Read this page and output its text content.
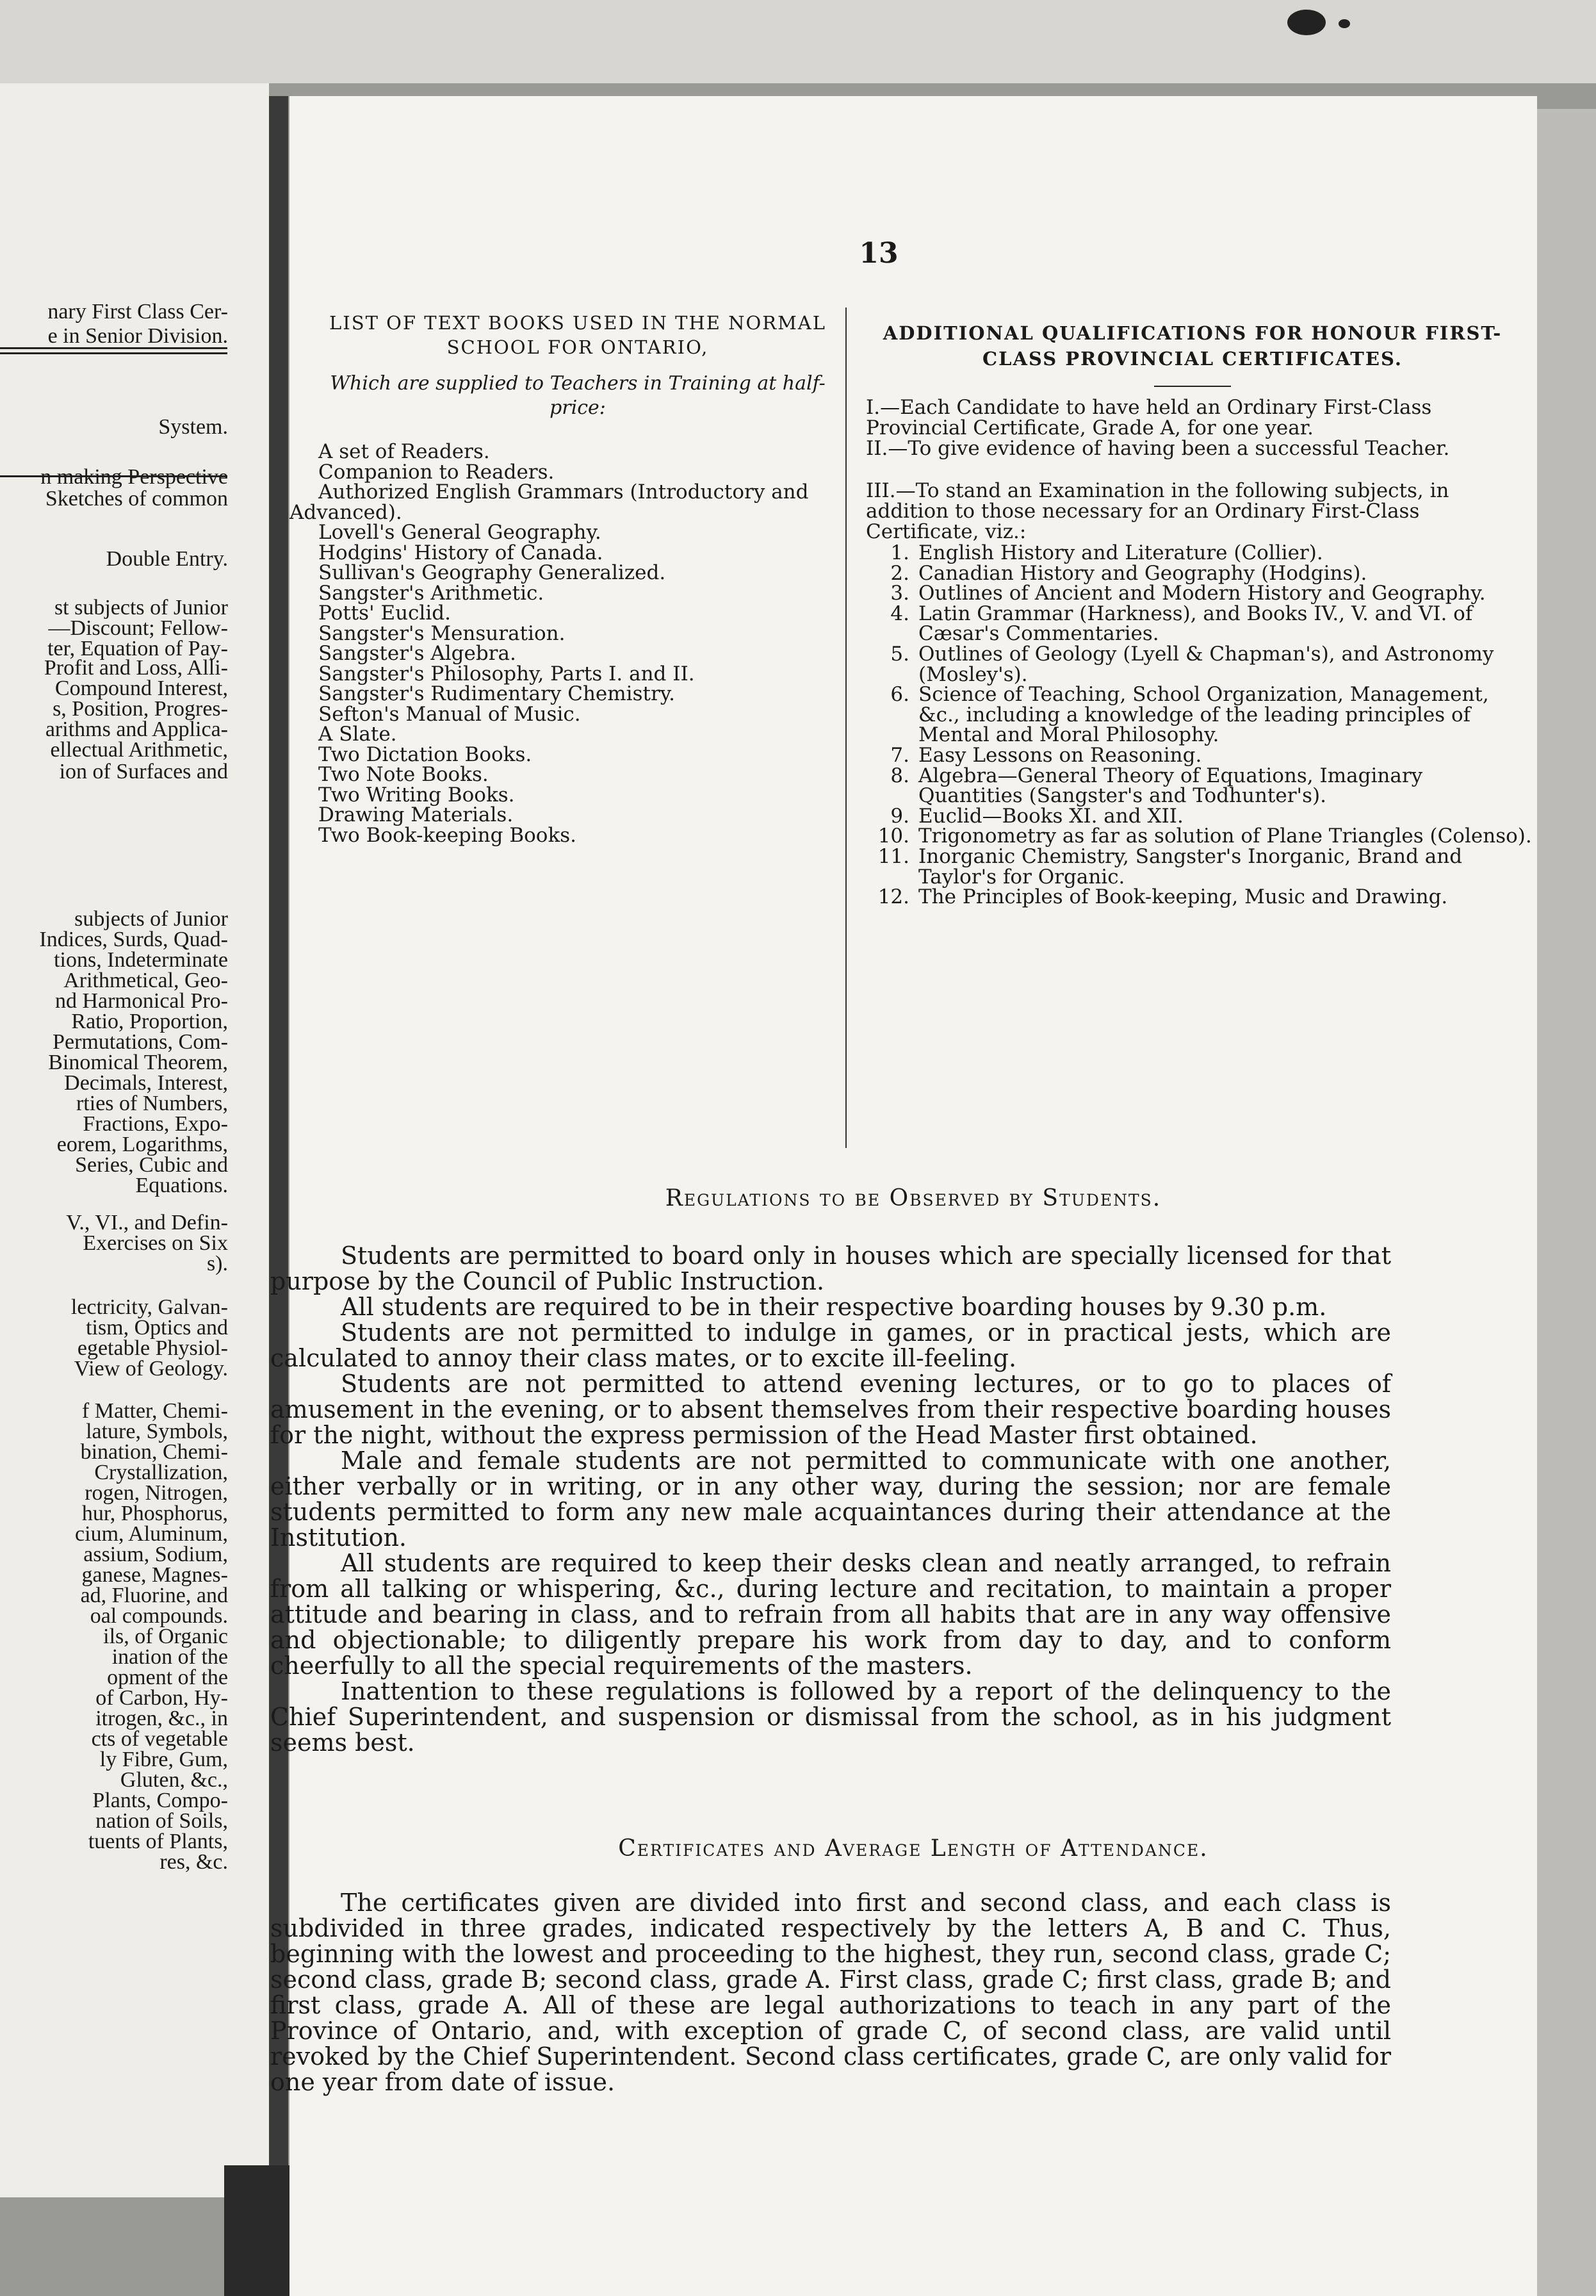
nary First Class Cer-
e in Senior Division.
System.
n making Perspective
Sketches of common
Double Entry.
st subjects of Junior
—Discount; Fellow-
ter, Equation of Pay-
Profit and Loss, Alli-
Compound Interest,
s, Position, Progres-
arithms and Applica-
ellectual Arithmetic,
ion of Surfaces and
subjects of Junior
Indices, Surds, Quad-
tions, Indeterminate
Arithmetical, Geo-
nd Harmonical Pro-
Ratio, Proportion,
Permutations, Com-
Binomical Theorem,
Decimals, Interest,
rties of Numbers,
Fractions, Expo-
eorem, Logarithms,
Series, Cubic and
Equations.
V., VI., and Defin-
Exercises on Six
s).
lectricity, Galvan-
tism, Optics and
egetable Physiol-
View of Geology.
f Matter, Chemi-
lature, Symbols,
bination, Chemi-
Crystallization,
rogen, Nitrogen,
hur, Phosphorus,
cium, Aluminum,
assium, Sodium,
ganese, Magnes-
ad, Fluorine, and
oal compounds.
ils, of Organic
ination of the
opment of the
of Carbon, Hy-
itrogen, &c., in
cts of vegetable
ly Fibre, Gum,
Gluten, &c.,
Plants, Compo-
nation of Soils,
tuents of Plants,
res, &c.
13
LIST OF TEXT BOOKS USED IN THE NORMAL SCHOOL FOR ONTARIO,
Which are supplied to Teachers in Training at half-price:
A set of Readers.
Companion to Readers.
Authorized English Grammars (Introductory and
Advanced).
Lovell's General Geography.
Hodgins' History of Canada.
Sullivan's Geography Generalized.
Sangster's Arithmetic.
Potts' Euclid.
Sangster's Mensuration.
Sangster's Algebra.
Sangster's Philosophy, Parts I. and II.
Sangster's Rudimentary Chemistry.
Sefton's Manual of Music.
A Slate.
Two Dictation Books.
Two Note Books.
Two Writing Books.
Drawing Materials.
Two Book-keeping Books.
ADDITIONAL QUALIFICATIONS FOR HONOUR FIRST-CLASS PROVINCIAL CERTIFICATES.
I.—Each Candidate to have held an Ordinary First-Class Provincial Certificate, Grade A, for one year.
II.—To give evidence of having been a successful Teacher.
III.—To stand an Examination in the following subjects, in addition to those necessary for an Ordinary First-Class Certificate, viz.:
1. English History and Literature (Collier).
2. Canadian History and Geography (Hodgins).
3. Outlines of Ancient and Modern History and Geography.
4. Latin Grammar (Harkness), and Books IV., V. and VI. of Cæsar's Commentaries.
5. Outlines of Geology (Lyell & Chapman's), and Astronomy (Mosley's).
6. Science of Teaching, School Organization, Management, &c., including a knowledge of the leading principles of Mental and Moral Philosophy.
7. Easy Lessons on Reasoning.
8. Algebra—General Theory of Equations, Imaginary Quantities (Sangster's and Todhunter's).
9. Euclid—Books XI. and XII.
10. Trigonometry as far as solution of Plane Triangles (Colenso).
11. Inorganic Chemistry, Sangster's Inorganic, Brand and Taylor's for Organic.
12. The Principles of Book-keeping, Music and Drawing.
Regulations to be Observed by Students.

Students are permitted to board only in houses which are specially licensed for that purpose by the Council of Public Instruction.

All students are required to be in their respective boarding houses by 9.30 p.m.

Students are not permitted to indulge in games, or in practical jests, which are calculated to annoy their class mates, or to excite ill-feeling.

Students are not permitted to attend evening lectures, or to go to places of amusement in the evening, or to absent themselves from their respective boarding houses for the night, without the express permission of the Head Master first obtained.

Male and female students are not permitted to communicate with one another, either verbally or in writing, or in any other way, during the session; nor are female students permitted to form any new male acquaintances during their attendance at the Institution.

All students are required to keep their desks clean and neatly arranged, to refrain from all talking or whispering, &c., during lecture and recitation, to maintain a proper attitude and bearing in class, and to refrain from all habits that are in any way offensive and objectionable; to diligently prepare his work from day to day, and to conform cheerfully to all the special requirements of the masters.

Inattention to these regulations is followed by a report of the delinquency to the Chief Superintendent, and suspension or dismissal from the school, as in his judgment seems best.

Certificates and Average Length of Attendance.

The certificates given are divided into first and second class, and each class is subdivided in three grades, indicated respectively by the letters A, B and C. Thus, beginning with the lowest and proceeding to the highest, they run, second class, grade C; second class, grade B; second class, grade A. First class, grade C; first class, grade B; and first class, grade A. All of these are legal authorizations to teach in any part of the Province of Ontario, and, with exception of grade C, of second class, are valid until revoked by the Chief Superintendent. Second class certificates, grade C, are only valid for one year from date of issue.
